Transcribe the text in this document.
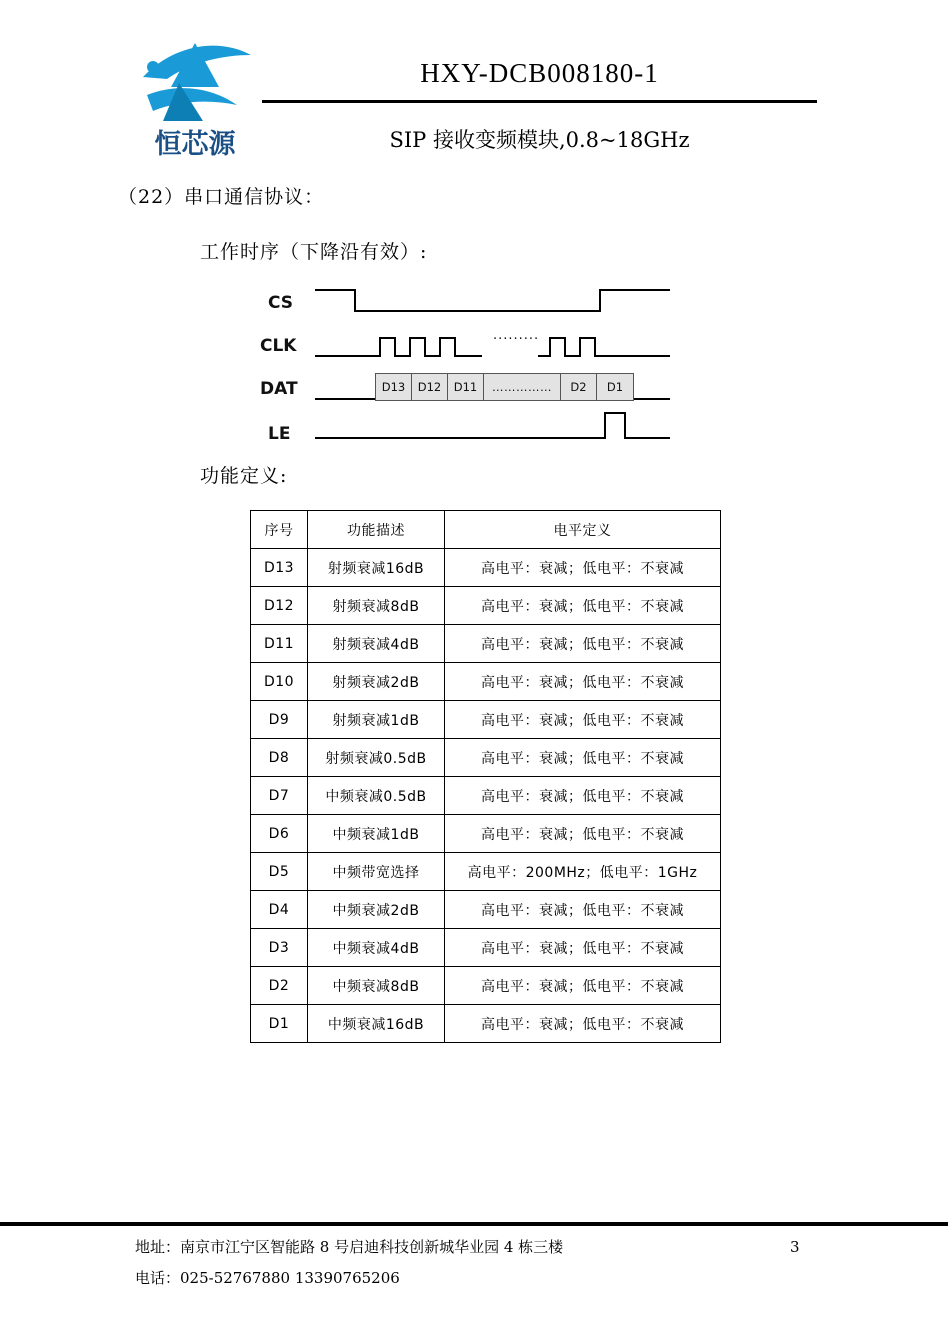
恒芯源
HXY-DCB008180-1
SIP 接收变频模块,0.8~18GHz
（22）串口通信协议：
工作时序（下降沿有效）:
CS
CLK
DAT
LE
·········
D13	D12	D11	……………	D2	D1
功能定义:
序号	功能描述	电平定义
D13	射频衰减16dB	高电平：衰减；低电平：不衰减
D12	射频衰减8dB	高电平：衰减；低电平：不衰减
D11	射频衰减4dB	高电平：衰减；低电平：不衰减
D10	射频衰减2dB	高电平：衰减；低电平：不衰减
D9	射频衰减1dB	高电平：衰减；低电平：不衰减
D8	射频衰减0.5dB	高电平：衰减；低电平：不衰减
D7	中频衰减0.5dB	高电平：衰减；低电平：不衰减
D6	中频衰减1dB	高电平：衰减；低电平：不衰减
D5	中频带宽选择	高电平：200MHz；低电平：1GHz
D4	中频衰减2dB	高电平：衰减；低电平：不衰减
D3	中频衰减4dB	高电平：衰减；低电平：不衰减
D2	中频衰减8dB	高电平：衰减；低电平：不衰减
D1	中频衰减16dB	高电平：衰减；低电平：不衰减
地址：南京市江宁区智能路 8 号启迪科技创新城华业园 4 栋三楼
电话：025-52767880 13390765206
3
